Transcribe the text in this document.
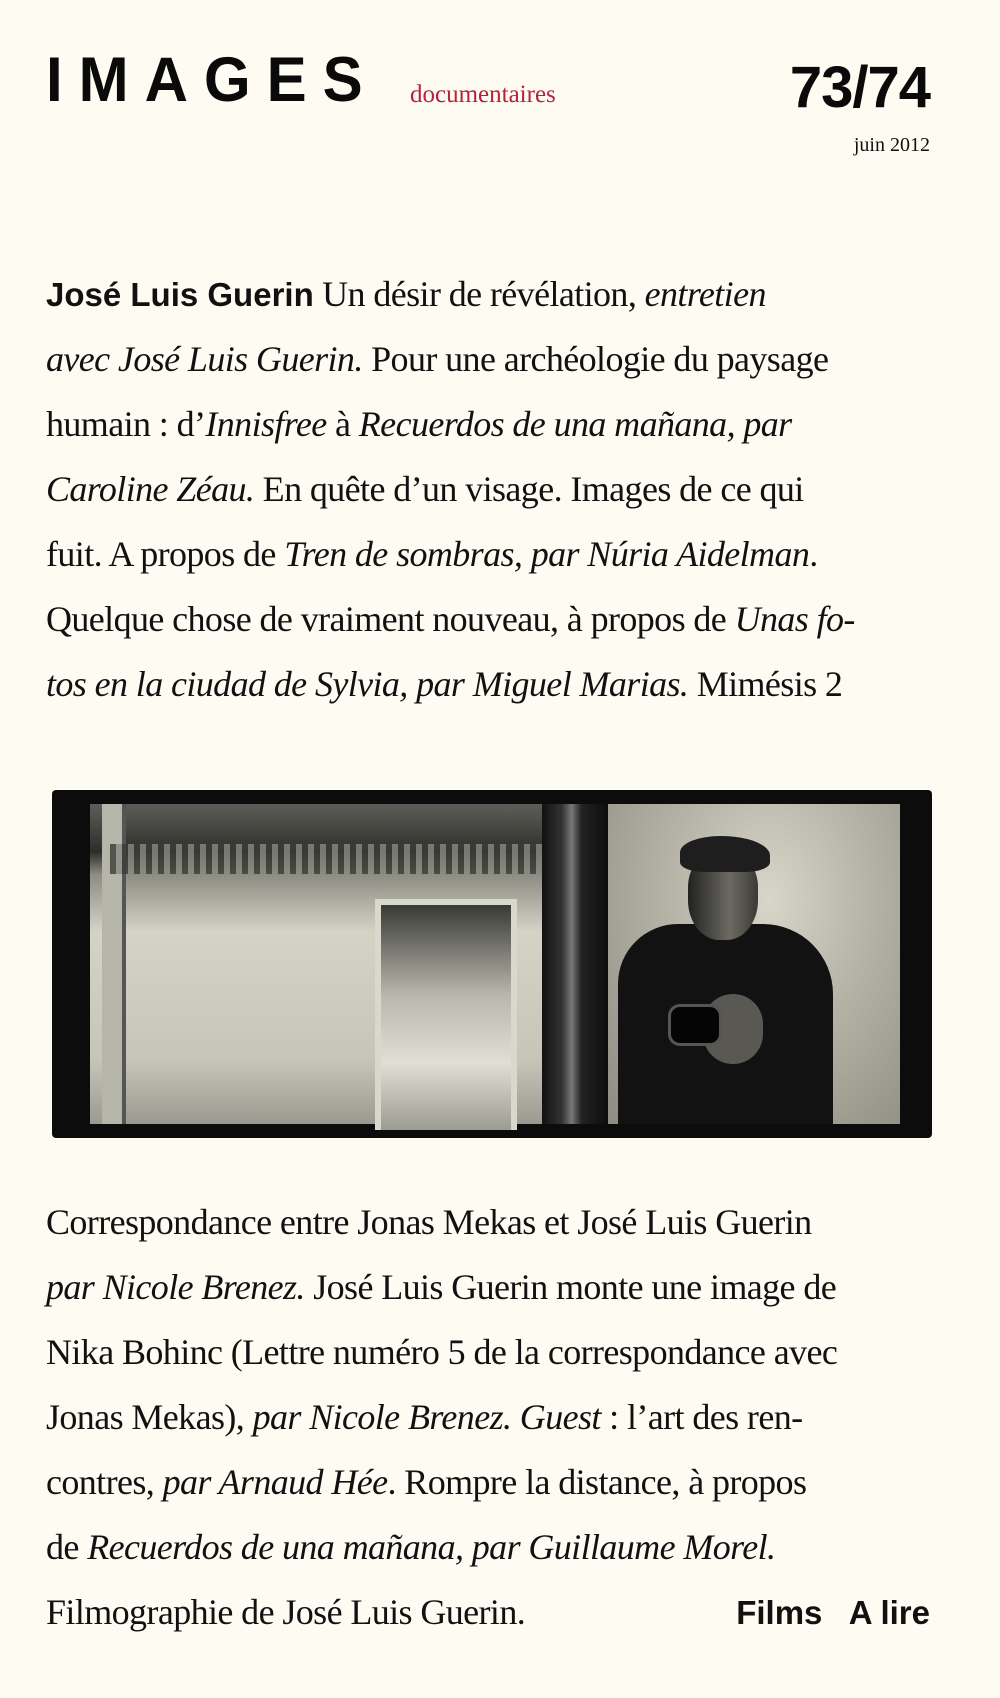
IMAGES documentaires	73/74
juin 2012
José Luis Guerin Un désir de révélation, entretien
avec José Luis Guerin. Pour une archéologie du paysage
humain : d’Innisfree à Recuerdos de una mañana, par
Caroline Zéau. En quête d’un visage. Images de ce qui
fuit. A propos de Tren de sombras, par Núria Aidelman.
Quelque chose de vraiment nouveau, à propos de Unas fo-
tos en la ciudad de Sylvia, par Miguel Marias. Mimésis 2
Correspondance entre Jonas Mekas et José Luis Guerin
par Nicole Brenez. José Luis Guerin monte une image de
Nika Bohinc (Lettre numéro 5 de la correspondance avec
Jonas Mekas), par Nicole Brenez. Guest : l’art des ren-
contres, par Arnaud Hée. Rompre la distance, à propos
de Recuerdos de una mañana, par Guillaume Morel.
Filmographie de José Luis Guerin.	Films   A lire
